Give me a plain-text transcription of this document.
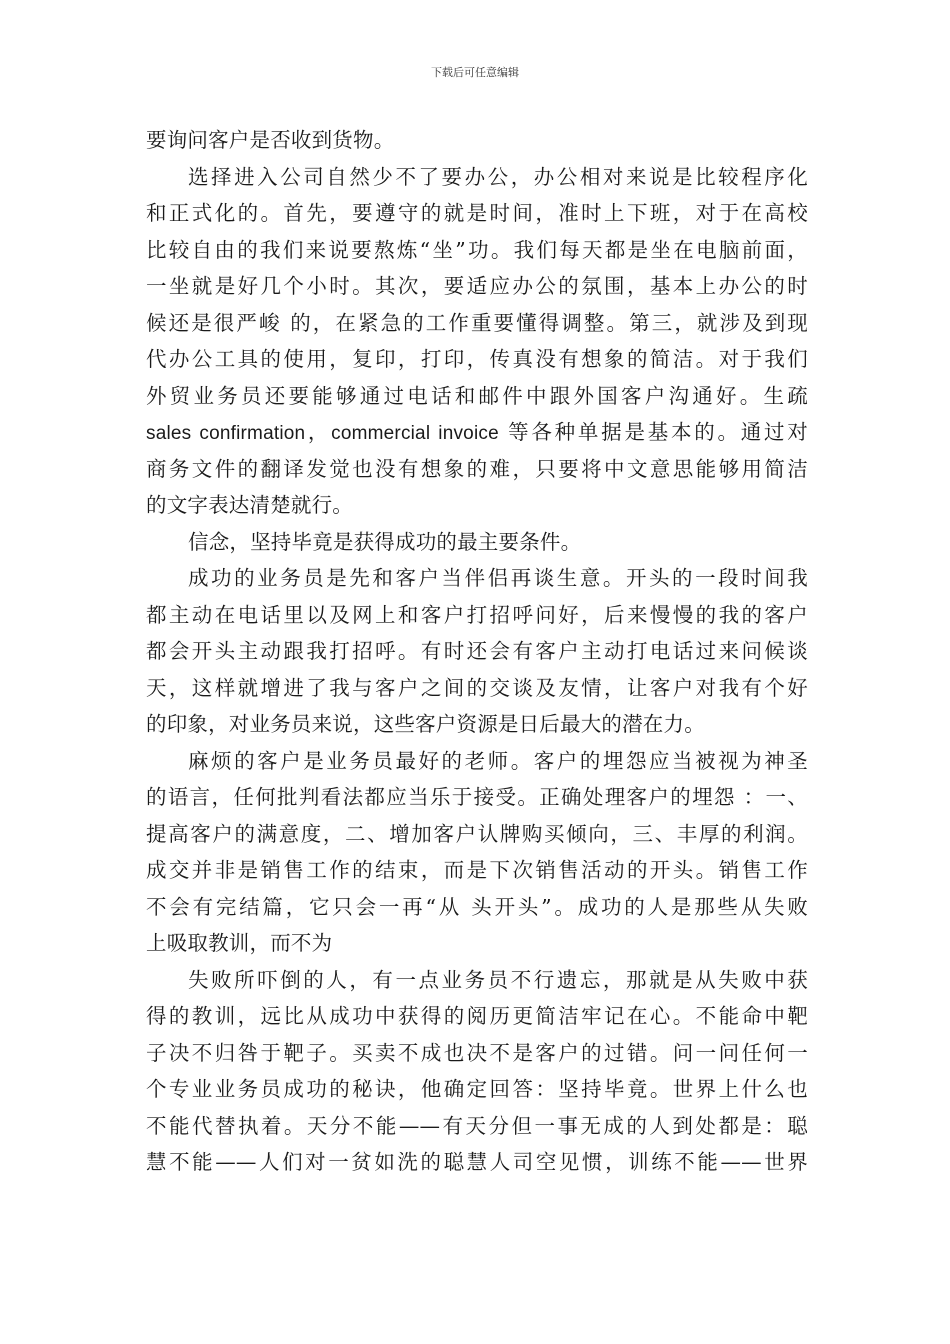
下载后可任意编辑
要询问客户是否收到货物。
选择进入公司自然少不了要办公，办公相对来说是比较程序化
和正式化的。首先，要遵守的就是时间，准时上下班，对于在高校
比较自由的我们来说要熬炼“坐”功。我们每天都是坐在电脑前面，
一坐就是好几个小时。其次，要适应办公的氛围，基本上办公的时
候还是很严峻 的，在紧急的工作重要懂得调整。第三，就涉及到现
代办公工具的使用，复印，打印，传真没有想象的简洁。对于我们
外贸业务员还要能够通过电话和邮件中跟外国客户沟通好。生疏
sales confirmation，commercial invoice 等各种单据是基本的。通过对
商务文件的翻译发觉也没有想象的难，只要将中文意思能够用简洁
的文字表达清楚就行。
信念，坚持毕竟是获得成功的最主要条件。
成功的业务员是先和客户当伴侣再谈生意。开头的一段时间我
都主动在电话里以及网上和客户打招呼问好，后来慢慢的我的客户
都会开头主动跟我打招呼。有时还会有客户主动打电话过来问候谈
天，这样就增进了我与客户之间的交谈及友情，让客户对我有个好
的印象，对业务员来说，这些客户资源是日后最大的潜在力。
麻烦的客户是业务员最好的老师。客户的埋怨应当被视为神圣
的语言，任何批判看法都应当乐于接受。正确处理客户的埋怨 ：一、
提高客户的满意度，二、增加客户认牌购买倾向，三、丰厚的利润。
成交并非是销售工作的结束，而是下次销售活动的开头。销售工作
不会有完结篇，它只会一再“从 头开头”。成功的人是那些从失败
上吸取教训，而不为
失败所吓倒的人，有一点业务员不行遗忘，那就是从失败中获
得的教训，远比从成功中获得的阅历更简洁牢记在心。不能命中靶
子决不归咎于靶子。买卖不成也决不是客户的过错。问一问任何一
个专业业务员成功的秘诀，他确定回答：坚持毕竟。世界上什么也
不能代替执着。天分不能——有天分但一事无成的人到处都是：聪
慧不能——人们对一贫如洗的聪慧人司空见惯，训练不能——世界
